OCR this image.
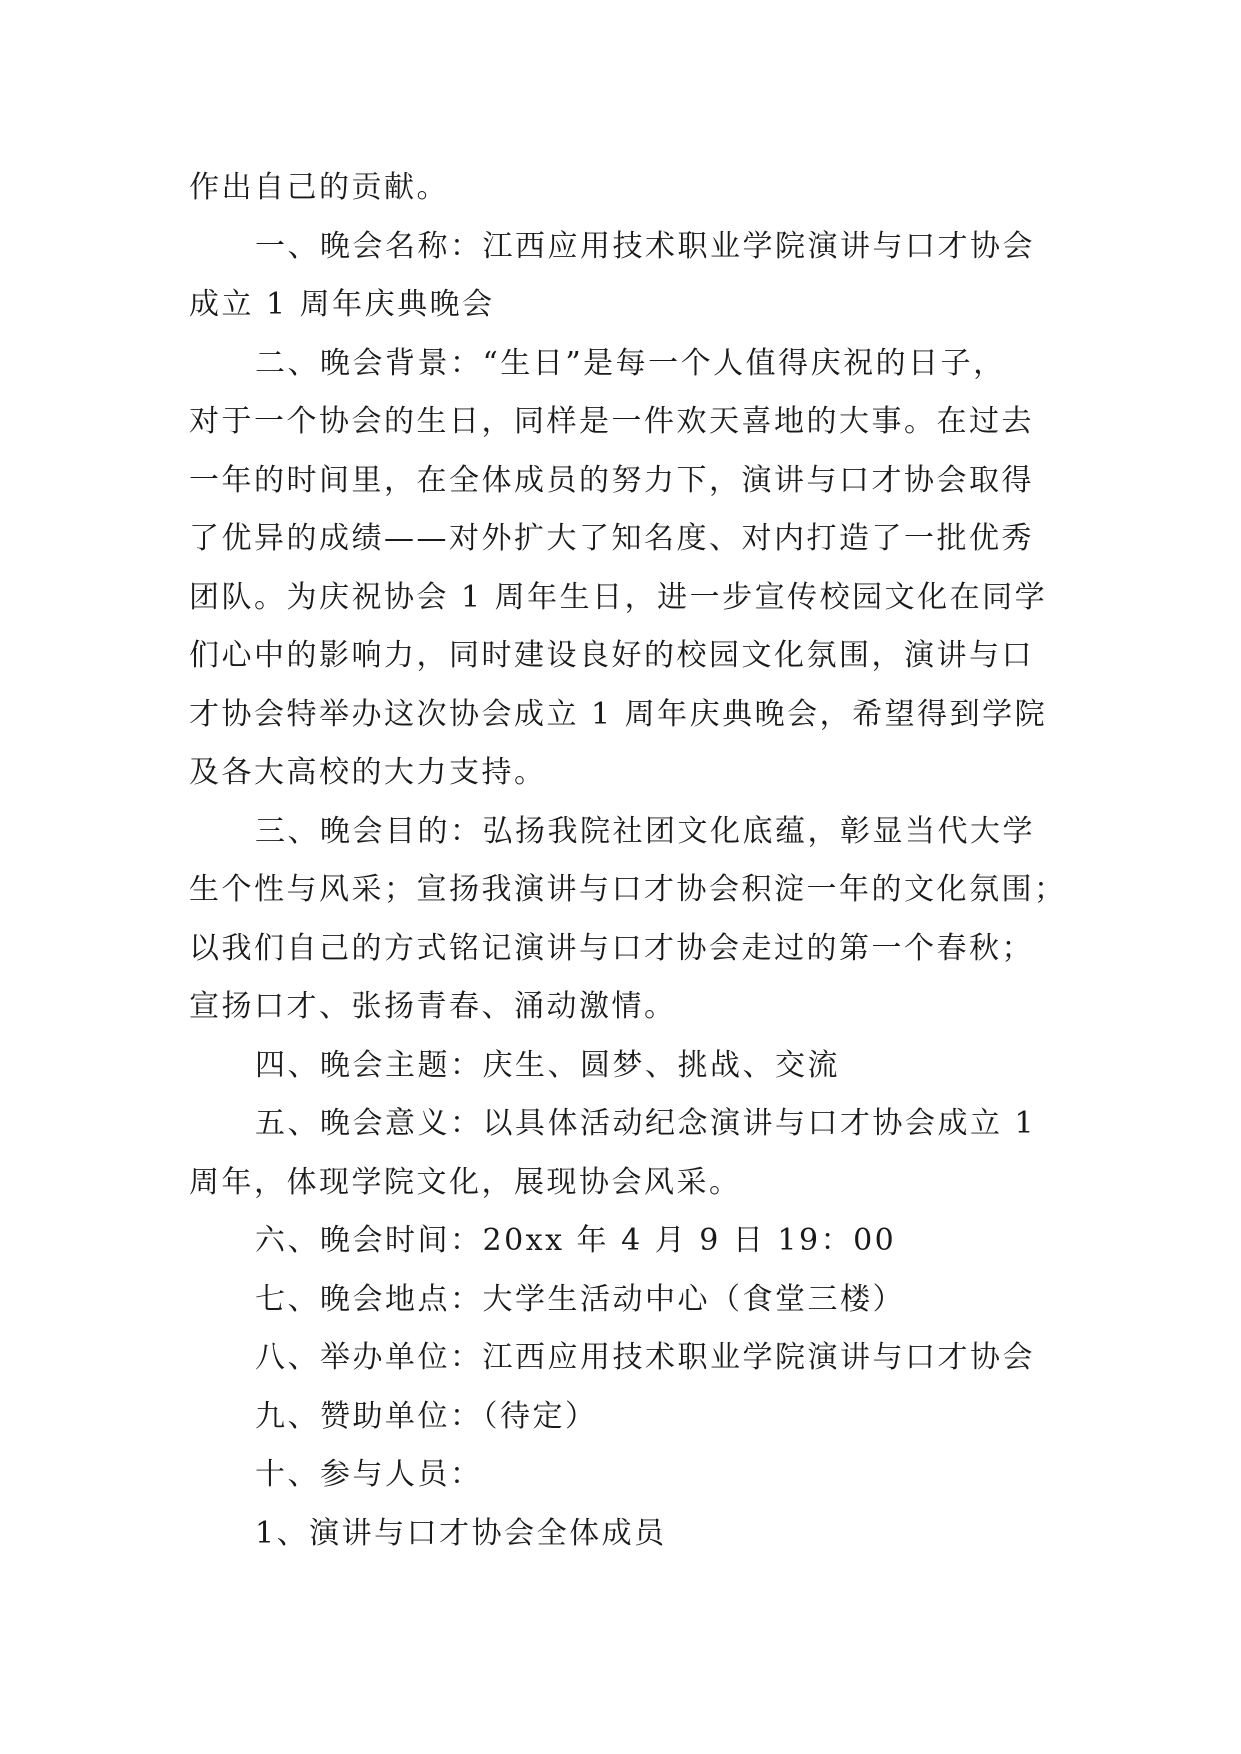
作出自己的贡献。
一、晚会名称：江西应用技术职业学院演讲与口才协会
成立 1 周年庆典晚会
二、晚会背景：“生日”是每一个人值得庆祝的日子，
对于一个协会的生日，同样是一件欢天喜地的大事。在过去
一年的时间里，在全体成员的努力下，演讲与口才协会取得
了优异的成绩——对外扩大了知名度、对内打造了一批优秀
团队。为庆祝协会 1 周年生日，进一步宣传校园文化在同学
们心中的影响力，同时建设良好的校园文化氛围，演讲与口
才协会特举办这次协会成立 1 周年庆典晚会，希望得到学院
及各大高校的大力支持。
三、晚会目的：弘扬我院社团文化底蕴，彰显当代大学
生个性与风采；宣扬我演讲与口才协会积淀一年的文化氛围；
以我们自己的方式铭记演讲与口才协会走过的第一个春秋；
宣扬口才、张扬青春、涌动激情。
四、晚会主题：庆生、圆梦、挑战、交流
五、晚会意义：以具体活动纪念演讲与口才协会成立 1
周年，体现学院文化，展现协会风采。
六、晚会时间：20xx 年 4 月 9 日 19：00
七、晚会地点：大学生活动中心（食堂三楼）
八、举办单位：江西应用技术职业学院演讲与口才协会
九、赞助单位：（待定）
十、参与人员：
1、演讲与口才协会全体成员
